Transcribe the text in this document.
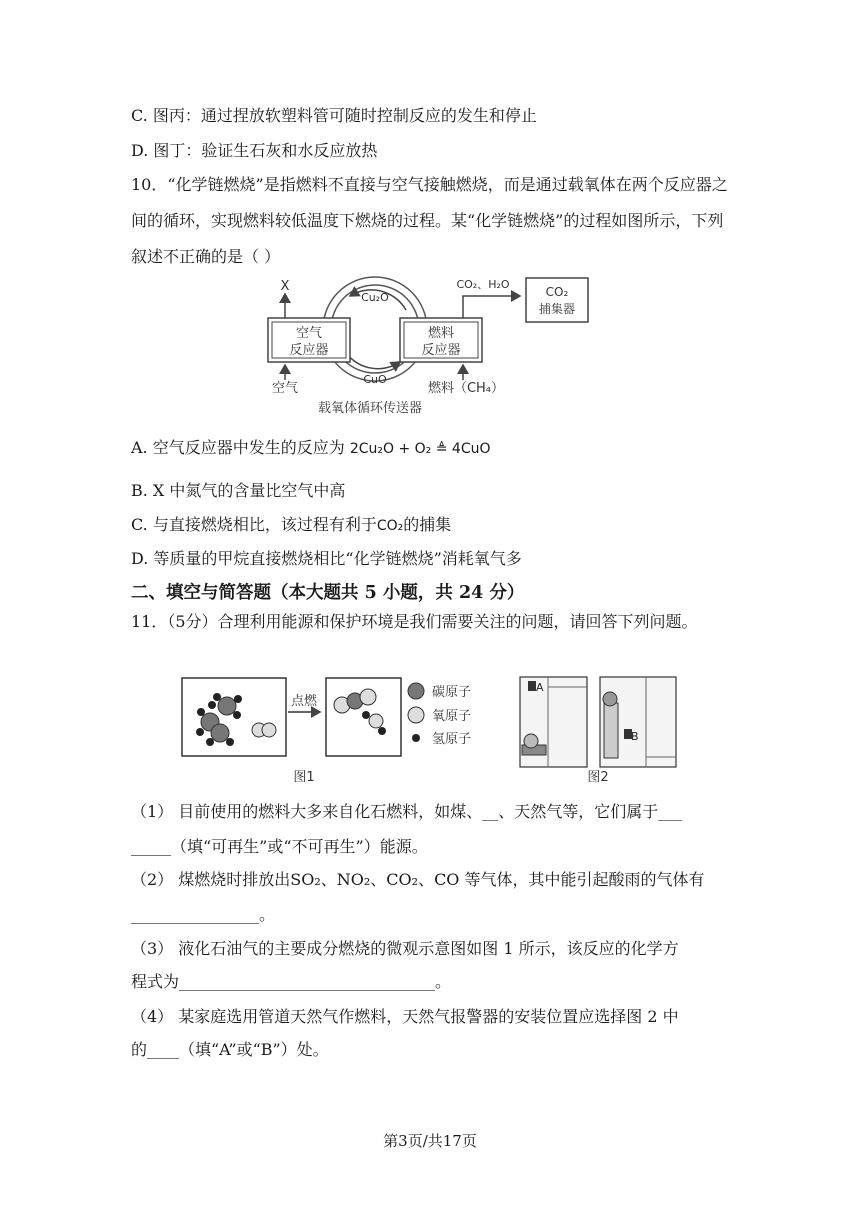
C. 图丙：通过捏放软塑料管可随时控制反应的发生和停止
D. 图丁：验证生石灰和水反应放热
10．“化学链燃烧”是指燃料不直接与空气接触燃烧，而是通过载氧体在两个反应器之间的循环，实现燃料较低温度下燃烧的过程。某“化学链燃烧”的过程如图所示，下列叙述不正确的是（ ）
空气
反应器
燃料
反应器
Cu₂O
CuO
X
空气	燃料（CH₄）
CO₂、H₂O
CO₂
捕集器
载氧体循环传送器
A. 空气反应器中发生的反应为 2Cu₂O + O₂ ≜ 4CuO
B. X 中氮气的含量比空气中高
C. 与直接燃烧相比，该过程有利于CO₂的捕集
D. 等质量的甲烷直接燃烧相比“化学链燃烧”消耗氧气多
二、填空与简答题（本大题共 5 小题，共 24 分）
11．（5分）合理利用能源和保护环境是我们需要关注的问题，请回答下列问题。
点燃
碳原子
氧原子
氢原子
图1
A
B
图2
（1） 目前使用的燃料大多来自化石燃料，如煤、__、天然气等，它们属于___
_____（填“可再生”或“不可再生”）能源。
（2） 煤燃烧时排放出SO₂、NO₂、CO₂、CO 等气体，其中能引起酸雨的气体有
________________。
（3） 液化石油气的主要成分燃烧的微观示意图如图 1 所示，该反应的化学方
程式为________________________________。
（4） 某家庭选用管道天然气作燃料，天然气报警器的安装位置应选择图 2 中
的____（填“A”或“B”）处。
第3页/共17页
